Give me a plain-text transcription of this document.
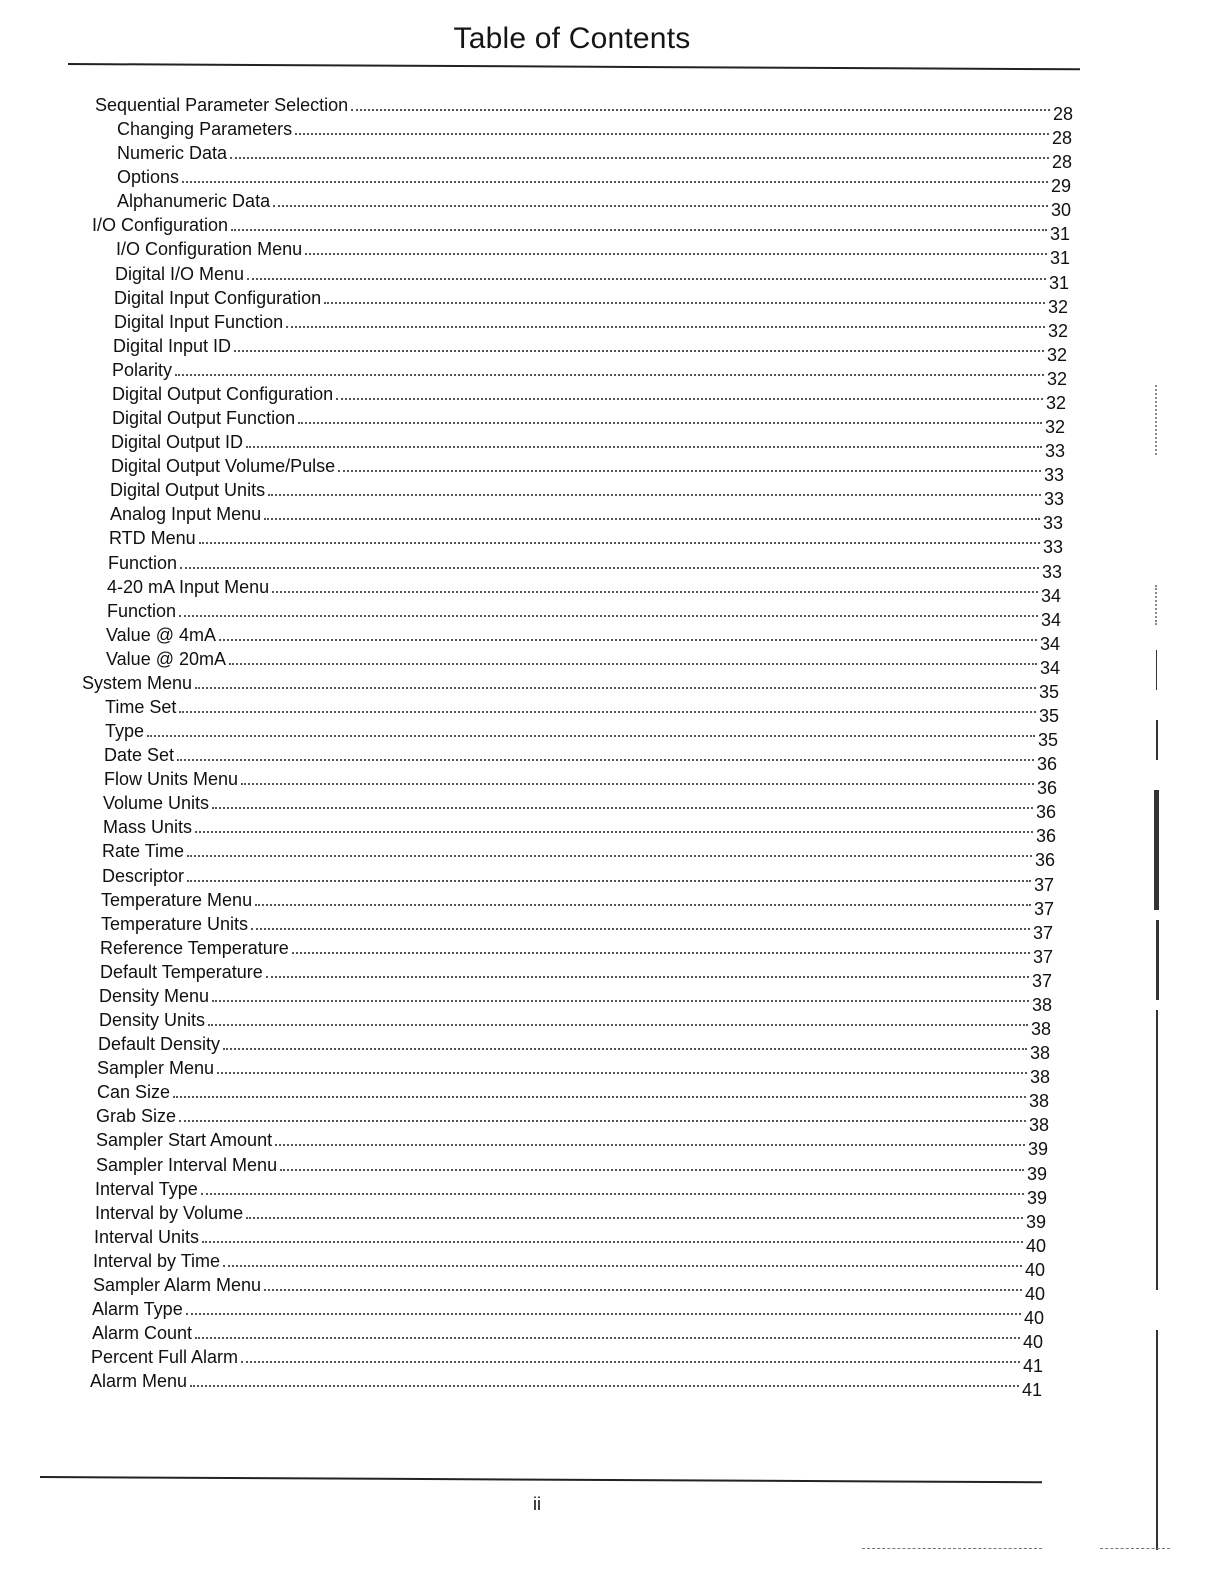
Table of Contents
Sequential Parameter Selection	28
Changing Parameters	28
Numeric Data	28
Options	29
Alphanumeric Data	30
I/O Configuration	31
I/O Configuration Menu	31
Digital I/O Menu	31
Digital Input Configuration	32
Digital Input Function	32
Digital Input ID	32
Polarity	32
Digital Output Configuration	32
Digital Output Function	32
Digital Output ID	33
Digital Output Volume/Pulse	33
Digital Output Units	33
Analog Input Menu	33
RTD Menu	33
Function	33
4-20 mA Input Menu	34
Function	34
Value @ 4mA	34
Value @ 20mA	34
System Menu	35
Time Set	35
Type	35
Date Set	36
Flow Units Menu	36
Volume Units	36
Mass Units	36
Rate Time	36
Descriptor	37
Temperature Menu	37
Temperature Units	37
Reference Temperature	37
Default Temperature	37
Density Menu	38
Density Units	38
Default Density	38
Sampler Menu	38
Can Size	38
Grab Size	38
Sampler Start Amount	39
Sampler Interval Menu	39
Interval Type	39
Interval by Volume	39
Interval Units	40
Interval by Time	40
Sampler Alarm Menu	40
Alarm Type	40
Alarm Count	40
Percent Full Alarm	41
Alarm Menu	41
ii
